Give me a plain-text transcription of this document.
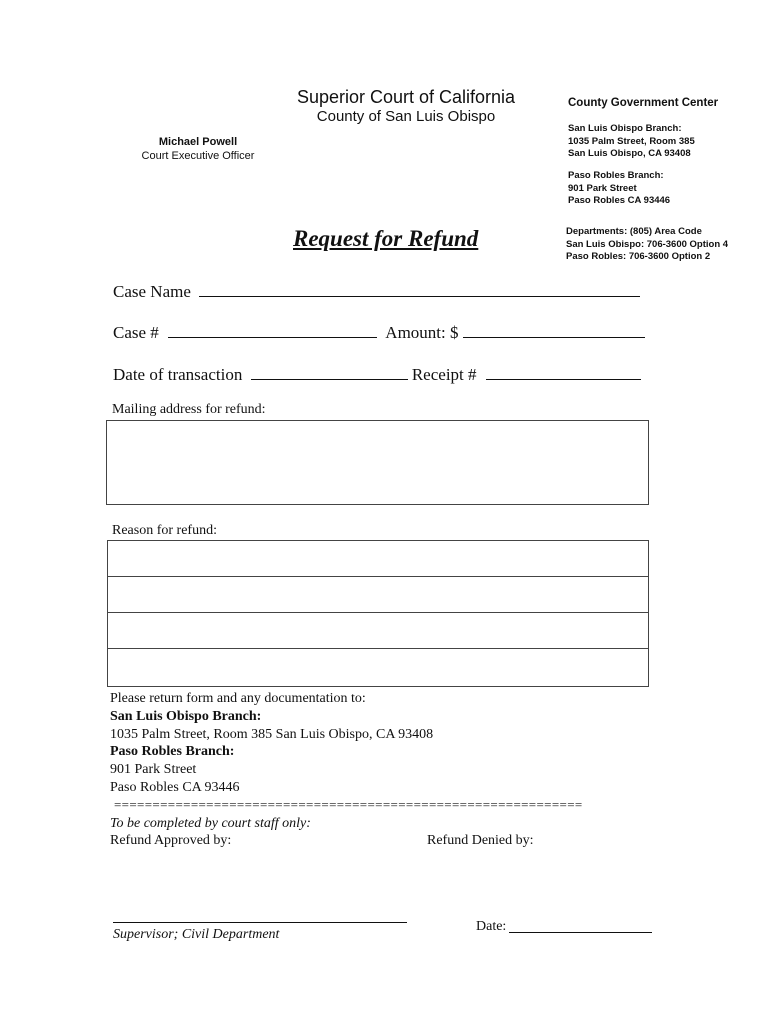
Superior Court of California
County of San Luis Obispo
Michael Powell
Court Executive Officer
County Government Center
San Luis Obispo Branch:
1035 Palm Street, Room 385
San Luis Obispo, CA 93408
Paso Robles Branch:
901 Park Street
Paso Robles CA 93446
Departments: (805) Area Code
San Luis Obispo: 706-3600 Option 4
Paso Robles: 706-3600 Option 2
Request for Refund
Case Name
Case #	Amount: $
Date of transaction	Receipt #
Mailing address for refund:
Reason for refund:
Please return form and any documentation to:
San Luis Obispo Branch:
1035 Palm Street, Room 385 San Luis Obispo, CA 93408
Paso Robles Branch:
901 Park Street
Paso Robles CA 93446
=============================================================
To be completed by court staff only:
Refund Approved by:	Refund Denied by:
Supervisor; Civil Department
Date:
